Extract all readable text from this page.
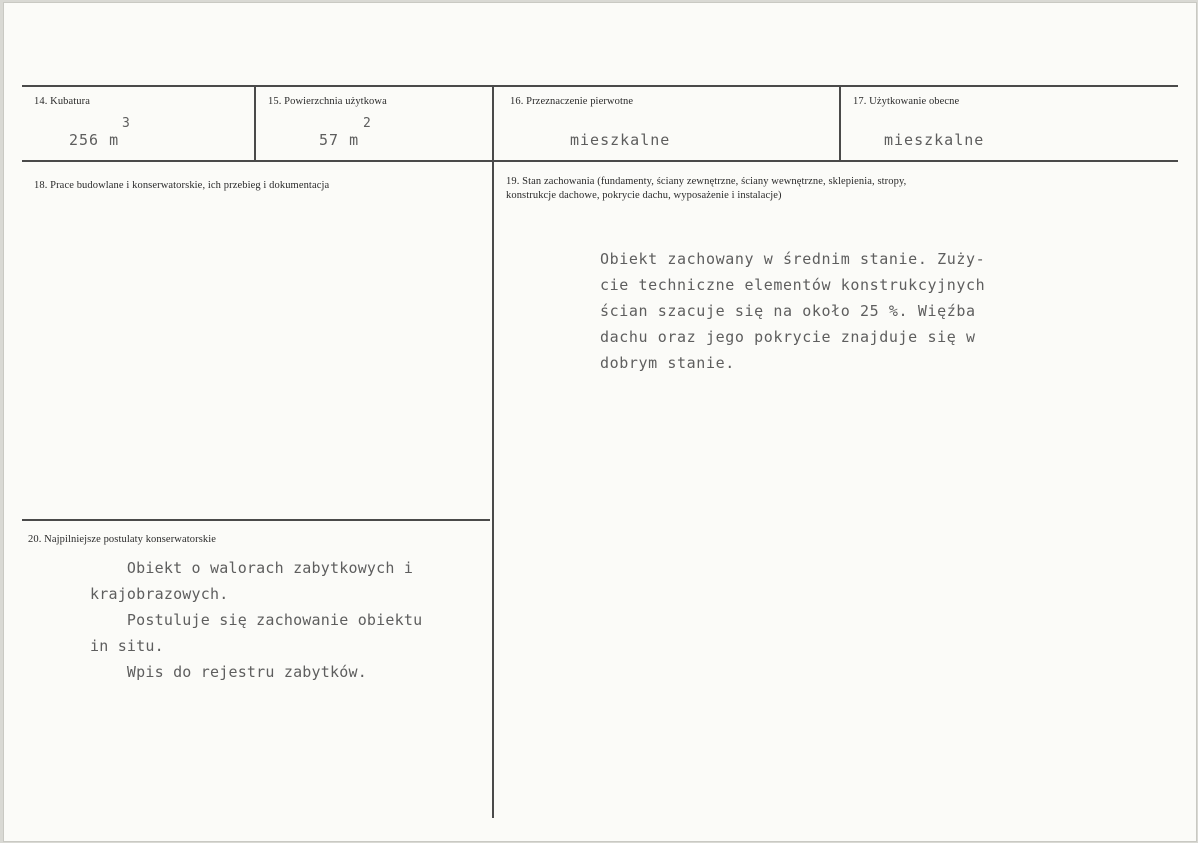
14. Kubatura
256 m
3
15. Powierzchnia użytkowa
57 m
2
16. Przeznaczenie pierwotne
mieszkalne
17. Użytkowanie obecne
mieszkalne
18. Prace budowlane i konserwatorskie, ich przebieg i dokumentacja	19. Stan zachowania (fundamenty, ściany zewnętrzne, ściany wewnętrzne, sklepienia, stropy,
konstrukcje dachowe, pokrycie dachu, wyposażenie i instalacje)
Obiekt zachowany w średnim stanie. Zuży-
cie techniczne elementów konstrukcyjnych
ścian szacuje się na około 25 %. Więźba
dachu oraz jego pokrycie znajduje się w
dobrym stanie.
20. Najpilniejsze postulaty konserwatorskie
Obiekt o walorach zabytkowych i
krajobrazowych.
Postuluje się zachowanie obiektu
in situ.
Wpis do rejestru zabytków.
